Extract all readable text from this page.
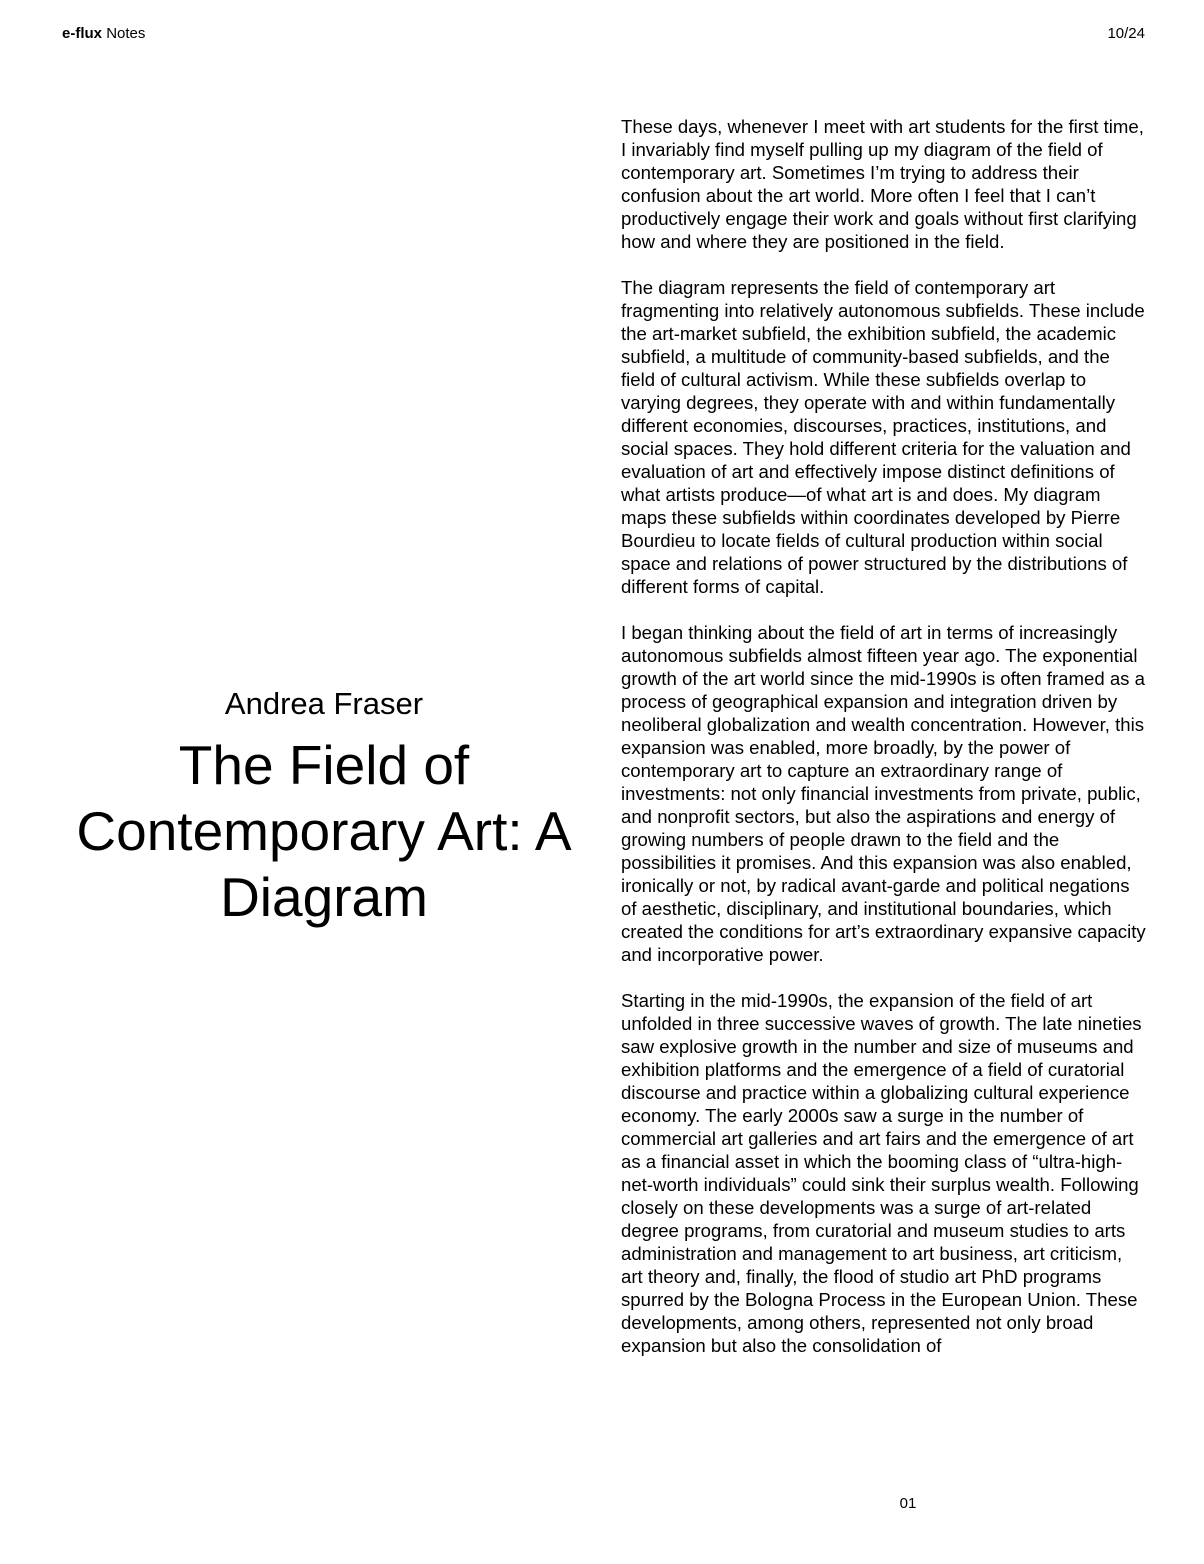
e-flux Notes	10/24

Andrea Fraser

The Field of Contemporary Art: A Diagram

These days, whenever I meet with art students for the first time, I invariably find myself pulling up my diagram of the field of contemporary art. Sometimes I’m trying to address their confusion about the art world. More often I feel that I can’t productively engage their work and goals without first clarifying how and where they are positioned in the field.

The diagram represents the field of contemporary art fragmenting into relatively autonomous subfields. These include the art-market subfield, the exhibition subfield, the academic subfield, a multitude of community-based subfields, and the field of cultural activism. While these subfields overlap to varying degrees, they operate with and within fundamentally different economies, discourses, practices, institutions, and social spaces. They hold different criteria for the valuation and evaluation of art and effectively impose distinct definitions of what artists produce—of what art is and does. My diagram maps these subfields within coordinates developed by Pierre Bourdieu to locate fields of cultural production within social space and relations of power structured by the distributions of different forms of capital.

I began thinking about the field of art in terms of increasingly autonomous subfields almost fifteen year ago. The exponential growth of the art world since the mid-1990s is often framed as a process of geographical expansion and integration driven by neoliberal globalization and wealth concentration. However, this expansion was enabled, more broadly, by the power of contemporary art to capture an extraordinary range of investments: not only financial investments from private, public, and nonprofit sectors, but also the aspirations and energy of growing numbers of people drawn to the field and the possibilities it promises. And this expansion was also enabled, ironically or not, by radical avant-garde and political negations of aesthetic, disciplinary, and institutional boundaries, which created the conditions for art’s extraordinary expansive capacity and incorporative power.

Starting in the mid-1990s, the expansion of the field of art unfolded in three successive waves of growth. The late nineties saw explosive growth in the number and size of museums and exhibition platforms and the emergence of a field of curatorial discourse and practice within a globalizing cultural experience economy. The early 2000s saw a surge in the number of commercial art galleries and art fairs and the emergence of art as a financial asset in which the booming class of “ultra-high-net-worth individuals” could sink their surplus wealth. Following closely on these developments was a surge of art-related degree programs, from curatorial and museum studies to arts administration and management to art business, art criticism, art theory and, finally, the flood of studio art PhD programs spurred by the Bologna Process in the European Union. These developments, among others, represented not only broad expansion but also the consolidation of

01
